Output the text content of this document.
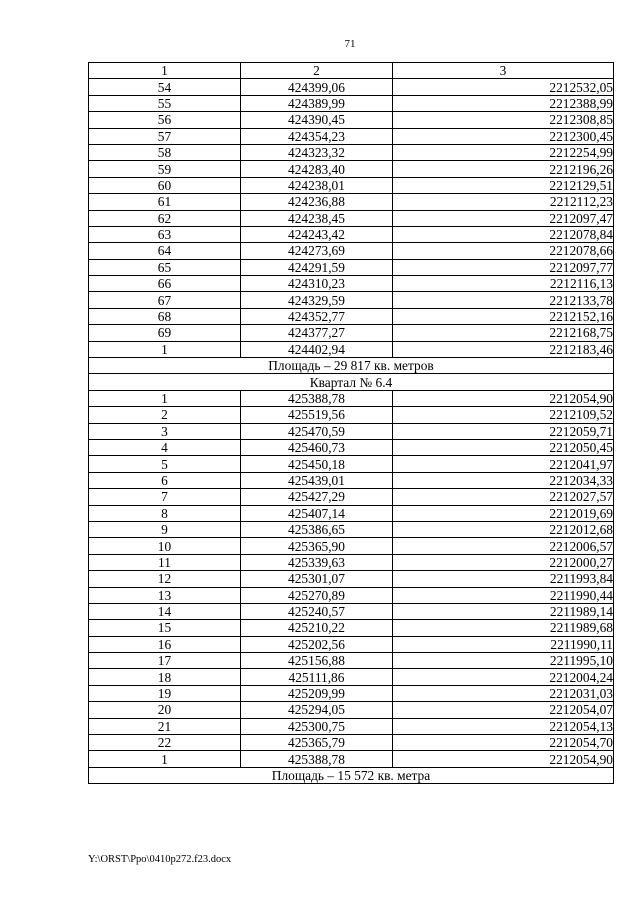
71
1	2	3
54	424399,06	2212532,05
55	424389,99	2212388,99
56	424390,45	2212308,85
57	424354,23	2212300,45
58	424323,32	2212254,99
59	424283,40	2212196,26
60	424238,01	2212129,51
61	424236,88	2212112,23
62	424238,45	2212097,47
63	424243,42	2212078,84
64	424273,69	2212078,66
65	424291,59	2212097,77
66	424310,23	2212116,13
67	424329,59	2212133,78
68	424352,77	2212152,16
69	424377,27	2212168,75
1	424402,94	2212183,46
Площадь – 29 817 кв. метров		
Квартал № 6.4		
1	425388,78	2212054,90
2	425519,56	2212109,52
3	425470,59	2212059,71
4	425460,73	2212050,45
5	425450,18	2212041,97
6	425439,01	2212034,33
7	425427,29	2212027,57
8	425407,14	2212019,69
9	425386,65	2212012,68
10	425365,90	2212006,57
11	425339,63	2212000,27
12	425301,07	2211993,84
13	425270,89	2211990,44
14	425240,57	2211989,14
15	425210,22	2211989,68
16	425202,56	2211990,11
17	425156,88	2211995,10
18	425111,86	2212004,24
19	425209,99	2212031,03
20	425294,05	2212054,07
21	425300,75	2212054,13
22	425365,79	2212054,70
1	425388,78	2212054,90
Площадь – 15 572 кв. метра		
Y:\ORST\Ppo\0410p272.f23.docx
